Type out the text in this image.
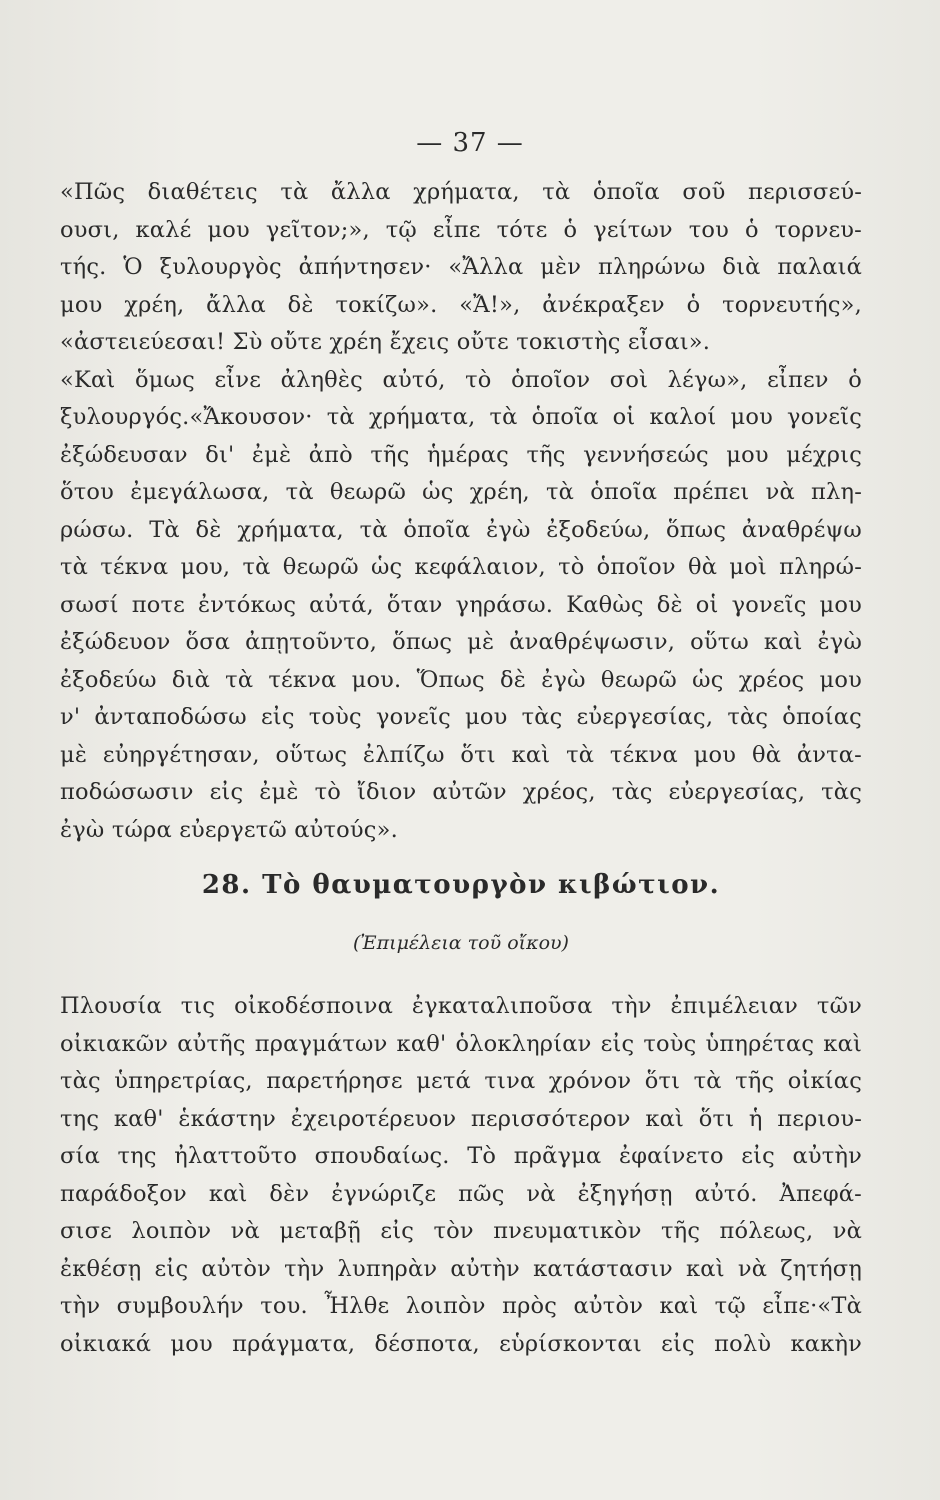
— 37 —
«Πῶς διαθέτεις τὰ ἄλλα χρήματα, τὰ ὁποῖα σοῦ περισσεύ-
ουσι, καλέ μου γεῖτον;», τῷ εἶπε τότε ὁ γείτων του ὁ τορνευ-
τής. Ὁ ξυλουργὸς ἀπήντησεν· «Ἄλλα μὲν πληρώνω διὰ παλαιά
μου χρέη, ἄλλα δὲ τοκίζω». «Ἄ!», ἀνέκραξεν ὁ τορνευτής»,
«ἀστειεύεσαι! Σὺ οὔτε χρέη ἔχεις οὔτε τοκιστὴς εἶσαι».
«Καὶ ὅμως εἶνε ἀληθὲς αὐτό, τὸ ὁποῖον σοὶ λέγω», εἶπεν ὁ
ξυλουργός.«Ἄκουσον· τὰ χρήματα, τὰ ὁποῖα οἱ καλοί μου γονεῖς
ἐξώδευσαν δι' ἐμὲ ἀπὸ τῆς ἡμέρας τῆς γεννήσεώς μου μέχρις
ὅτου ἐμεγάλωσα, τὰ θεωρῶ ὡς χρέη, τὰ ὁποῖα πρέπει νὰ πλη-
ρώσω. Τὰ δὲ χρήματα, τὰ ὁποῖα ἐγὼ ἐξοδεύω, ὅπως ἀναθρέψω
τὰ τέκνα μου, τὰ θεωρῶ ὡς κεφάλαιον, τὸ ὁποῖον θὰ μοὶ πληρώ-
σωσί ποτε ἐντόκως αὐτά, ὅταν γηράσω. Καθὼς δὲ οἱ γονεῖς μου
ἐξώδευον ὅσα ἀπῃτοῦντο, ὅπως μὲ ἀναθρέψωσιν, οὕτω καὶ ἐγὼ
ἐξοδεύω διὰ τὰ τέκνα μου. Ὅπως δὲ ἐγὼ θεωρῶ ὡς χρέος μου
ν' ἀνταποδώσω εἰς τοὺς γονεῖς μου τὰς εὐεργεσίας, τὰς ὁποίας
μὲ εὐηργέτησαν, οὕτως ἐλπίζω ὅτι καὶ τὰ τέκνα μου θὰ ἀντα-
ποδώσωσιν εἰς ἐμὲ τὸ ἴδιον αὐτῶν χρέος, τὰς εὐεργεσίας, τὰς
ἐγὼ τώρα εὐεργετῶ αὐτούς».
28. Τὸ θαυματουργὸν κιβώτιον.
(Ἐπιμέλεια τοῦ οἴκου)
Πλουσία τις οἰκοδέσποινα ἐγκαταλιποῦσα τὴν ἐπιμέλειαν τῶν
οἰκιακῶν αὐτῆς πραγμάτων καθ' ὁλοκληρίαν εἰς τοὺς ὑπηρέτας καὶ
τὰς ὑπηρετρίας, παρετήρησε μετά τινα χρόνον ὅτι τὰ τῆς οἰκίας
της καθ' ἑκάστην ἐχειροτέρευον περισσότερον καὶ ὅτι ἡ περιου-
σία της ἠλαττοῦτο σπουδαίως. Τὸ πρᾶγμα ἐφαίνετο εἰς αὐτὴν
παράδοξον καὶ δὲν ἐγνώριζε πῶς νὰ ἐξηγήσῃ αὐτό. Ἀπεφά-
σισε λοιπὸν νὰ μεταβῇ εἰς τὸν πνευματικὸν τῆς πόλεως, νὰ
ἐκθέσῃ εἰς αὐτὸν τὴν λυπηρὰν αὐτὴν κατάστασιν καὶ νὰ ζητήσῃ
τὴν συμβουλήν του. Ἦλθε λοιπὸν πρὸς αὐτὸν καὶ τῷ εἶπε·«Τὰ
οἰκιακά μου πράγματα, δέσποτα, εὑρίσκονται εἰς πολὺ κακὴν
